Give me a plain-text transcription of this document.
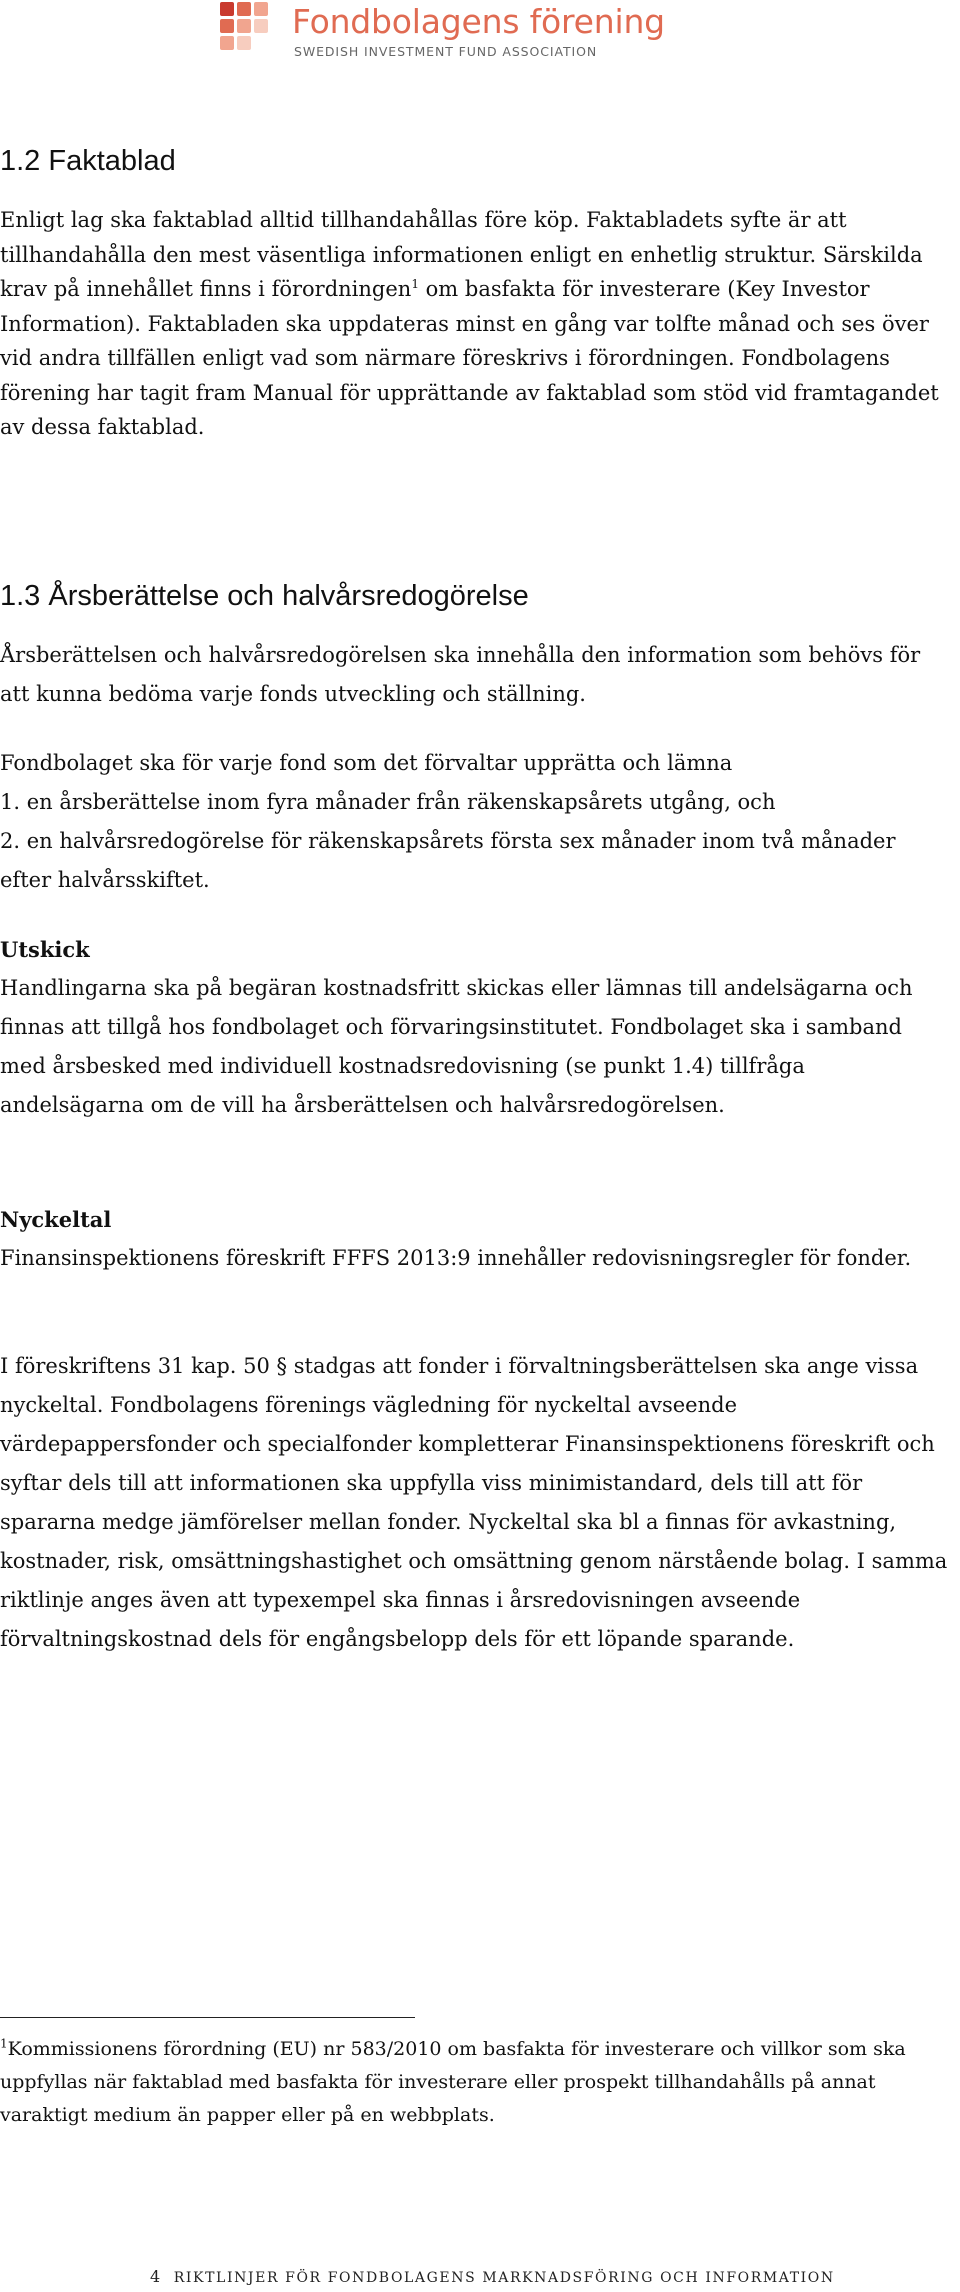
Fondbolagens förening
SWEDISH INVESTMENT FUND ASSOCIATION
1.2 Faktablad
Enligt lag ska faktablad alltid tillhandahållas före köp. Faktabladets syfte är att tillhandahålla den mest väsentliga informationen enligt en enhetlig struktur. Särskilda krav på innehållet finns i förordningen$^1$ om basfakta för investerare (Key Investor Information). Faktabladen ska uppdateras minst en gång var tolfte månad och ses över vid andra tillfällen enligt vad som närmare föreskrivs i förordningen. Fondbolagens förening har tagit fram Manual för upprättande av faktablad som stöd vid framtagandet av dessa faktablad.
1.3 Årsberättelse och halvårsredogörelse
Årsberättelsen och halvårsredogörelsen ska innehålla den information som behövs för att kunna bedöma varje fonds utveckling och ställning.

Fondbolaget ska för varje fond som det förvaltar upprätta och lämna

1. en årsberättelse inom fyra månader från räkenskapsårets utgång, och

2. en halvårsredogörelse för räkenskapsårets första sex månader inom två månader efter halvårsskiftet.

Utskick

Handlingarna ska på begäran kostnadsfritt skickas eller lämnas till andelsägarna och finnas att tillgå hos fondbolaget och förvaringsinstitutet. Fondbolaget ska i samband med årsbesked med individuell kostnadsredovisning (se punkt 1.4) tillfråga andelsägarna om de vill ha årsberättelsen och halvårsredogörelsen.

Nyckeltal

Finansinspektionens föreskrift FFFS 2013:9 innehåller redovisningsregler för fonder.

I föreskriftens 31 kap. 50 § stadgas att fonder i förvaltningsberättelsen ska ange vissa nyckeltal. Fondbolagens förenings vägledning för nyckeltal avseende värdepappersfonder och specialfonder kompletterar Finansinspektionens föreskrift och syftar dels till att informationen ska uppfylla viss minimistandard, dels till att för spararna medge jämförelser mellan fonder. Nyckeltal ska bl a finnas för avkastning, kostnader, risk, omsättningshastighet och omsättning genom närstående bolag. I samma riktlinje anges även att typexempel ska finnas i årsredovisningen avseende förvaltningskostnad dels för engångsbelopp dels för ett löpande sparande.

$^1$Kommissionens förordning (EU) nr 583/2010 om basfakta för investerare och villkor som ska uppfyllas när faktablad med basfakta för investerare eller prospekt tillhandahålls på annat varaktigt medium än papper eller på en webbplats.

4 RIKTLINJER FÖR FONDBOLAGENS MARKNADSFÖRING OCH INFORMATION
